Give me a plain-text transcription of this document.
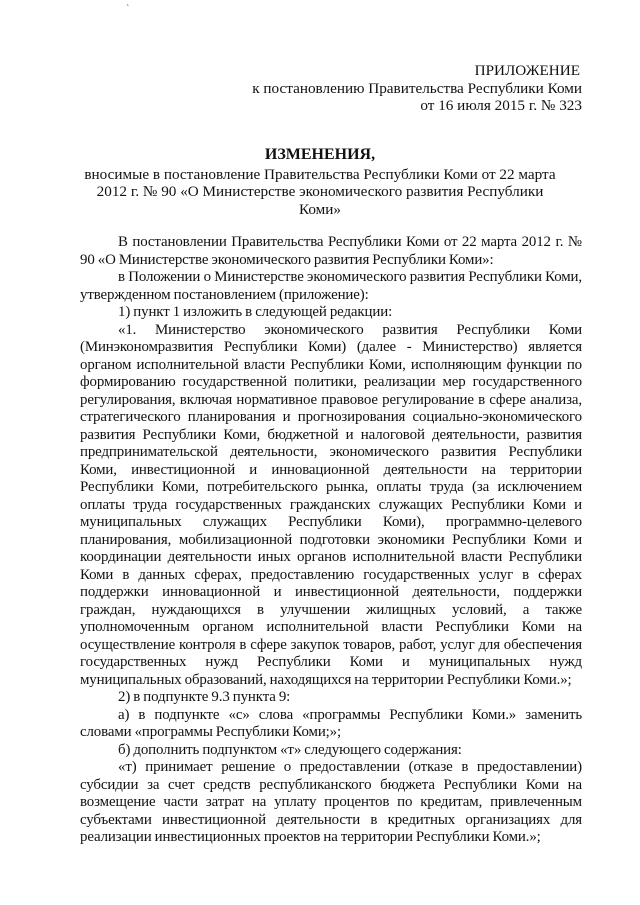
ˋ
ПРИЛОЖЕНИЕ
к постановлению Правительства Республики Коми
от 16 июля 2015 г. № 323
ИЗМЕНЕНИЯ,
вносимые в постановление Правительства Республики Коми от 22 марта 2012 г. № 90 «О Министерстве экономического развития Республики Коми»

В постановлении Правительства Республики Коми от 22 марта 2012 г. № 90 «О Министерстве экономического развития Республики Коми»:

в Положении о Министерстве экономического развития Республики Коми, утвержденном постановлением (приложение):

1) пункт 1 изложить в следующей редакции:

«1. Министерство экономического развития Республики Коми (Минэкономразвития Республики Коми) (далее - Министерство) является органом исполнительной власти Республики Коми, исполняющим функции по формированию государственной политики, реализации мер государственного регулирования, включая нормативное правовое регулирование в сфере анализа, стратегического планирования и прогнозирования социально-экономического развития Республики Коми, бюджетной и налоговой деятельности, развития предпринимательской деятельности, экономического развития Республики Коми, инвестиционной и инновационной деятельности на территории Республики Коми, потребительского рынка, оплаты труда (за исключением оплаты труда государственных гражданских служащих Республики Коми и муниципальных служащих Республики Коми), программно-целевого планирования, мобилизационной подготовки экономики Республики Коми и координации деятельности иных органов исполнительной власти Республики Коми в данных сферах, предоставлению государственных услуг в сферах поддержки инновационной и инвестиционной деятельности, поддержки граждан, нуждающихся в улучшении жилищных условий, а также уполномоченным органом исполнительной власти Республики Коми на осуществление контроля в сфере закупок товаров, работ, услуг для обеспечения государственных нужд Республики Коми и муниципальных нужд муниципальных образований, находящихся на территории Республики Коми.»;

2) в подпункте 9.3 пункта 9:

а) в подпункте «с» слова «программы Республики Коми.» заменить словами «программы Республики Коми;»;

б) дополнить подпунктом «т» следующего содержания:

«т) принимает решение о предоставлении (отказе в предоставлении) субсидии за счет средств республиканского бюджета Республики Коми на возмещение части затрат на уплату процентов по кредитам, привлеченным субъектами инвестиционной деятельности в кредитных организациях для реализации инвестиционных проектов на территории Республики Коми.»;
